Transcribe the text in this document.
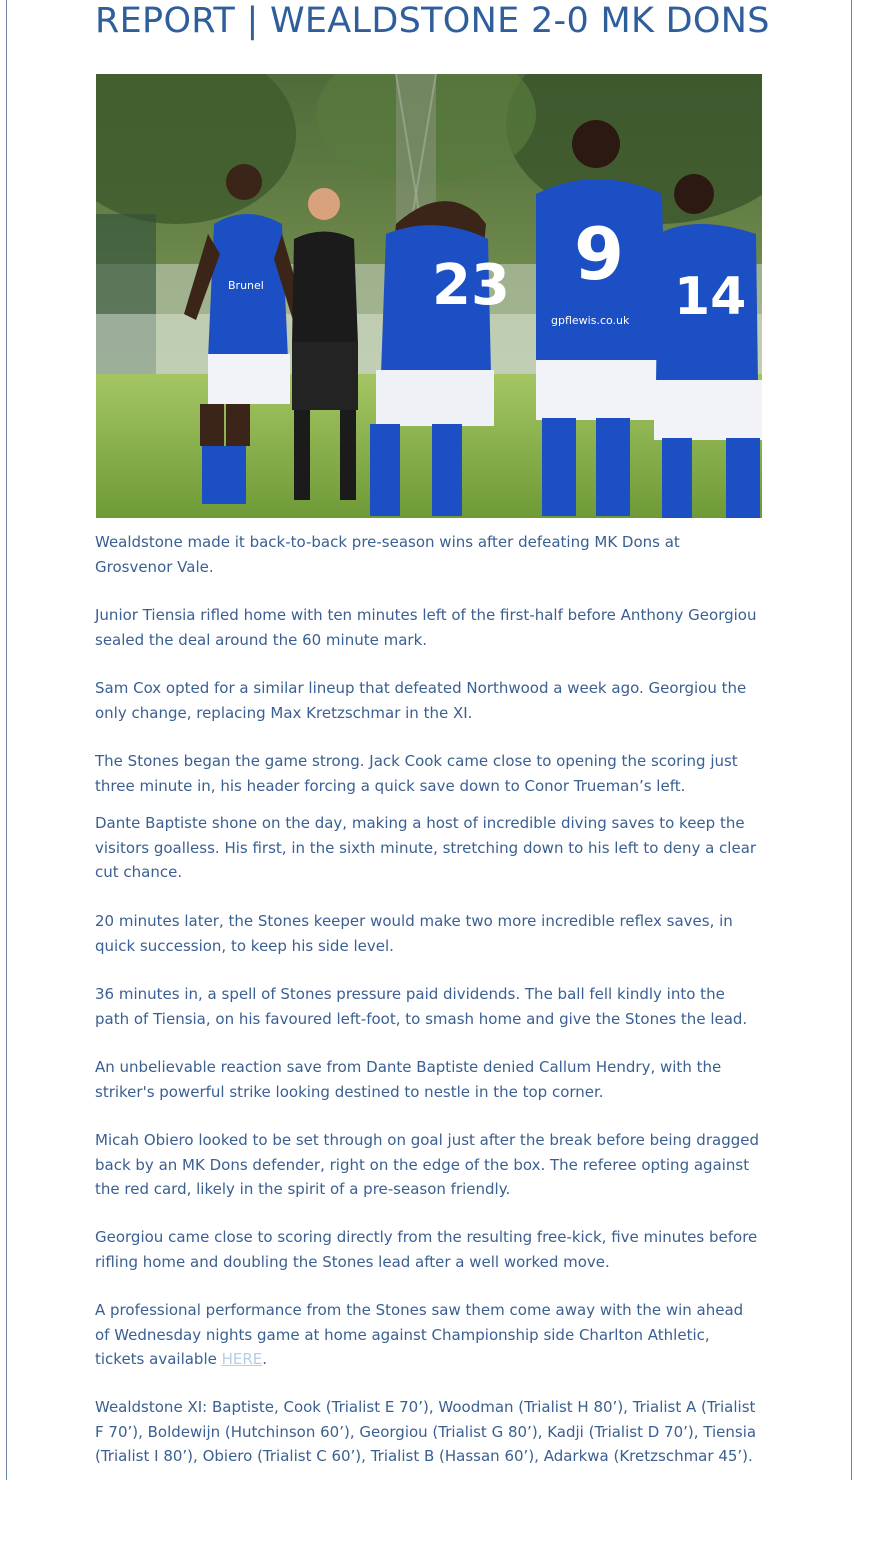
REPORT | WEALDSTONE 2-0 MK DONS
Brunel	23 9
gpflewis.co.uk 14

Wealdstone made it back-to-back pre-season wins after defeating MK Dons at Grosvenor Vale.

Junior Tiensia rifled home with ten minutes left of the first-half before Anthony Georgiou sealed the deal around the 60 minute mark.

Sam Cox opted for a similar lineup that defeated Northwood a week ago. Georgiou the only change, replacing Max Kretzschmar in the XI.

The Stones began the game strong. Jack Cook came close to opening the scoring just three minute in, his header forcing a quick save down to Conor Trueman’s left.

Dante Baptiste shone on the day, making a host of incredible diving saves to keep the visitors goalless. His first, in the sixth minute, stretching down to his left to deny a clear cut chance.

20 minutes later, the Stones keeper would make two more incredible reflex saves, in quick succession, to keep his side level.

36 minutes in, a spell of Stones pressure paid dividends. The ball fell kindly into the path of Tiensia, on his favoured left-foot, to smash home and give the Stones the lead.

An unbelievable reaction save from Dante Baptiste denied Callum Hendry, with the striker's powerful strike looking destined to nestle in the top corner.

Micah Obiero looked to be set through on goal just after the break before being dragged back by an MK Dons defender, right on the edge of the box. The referee opting against the red card, likely in the spirit of a pre-season friendly.

Georgiou came close to scoring directly from the resulting free-kick, five minutes before rifling home and doubling the Stones lead after a well worked move.

A professional performance from the Stones saw them come away with the win ahead of Wednesday nights game at home against Championship side Charlton Athletic, tickets available HERE.

Wealdstone XI: Baptiste, Cook (Trialist E 70’), Woodman (Trialist H 80’), Trialist A (Trialist F 70’), Boldewijn (Hutchinson 60’), Georgiou (Trialist G 80’), Kadji (Trialist D 70’), Tiensia (Trialist I 80’), Obiero (Trialist C 60’), Trialist B (Hassan 60’), Adarkwa (Kretzschmar 45’).
